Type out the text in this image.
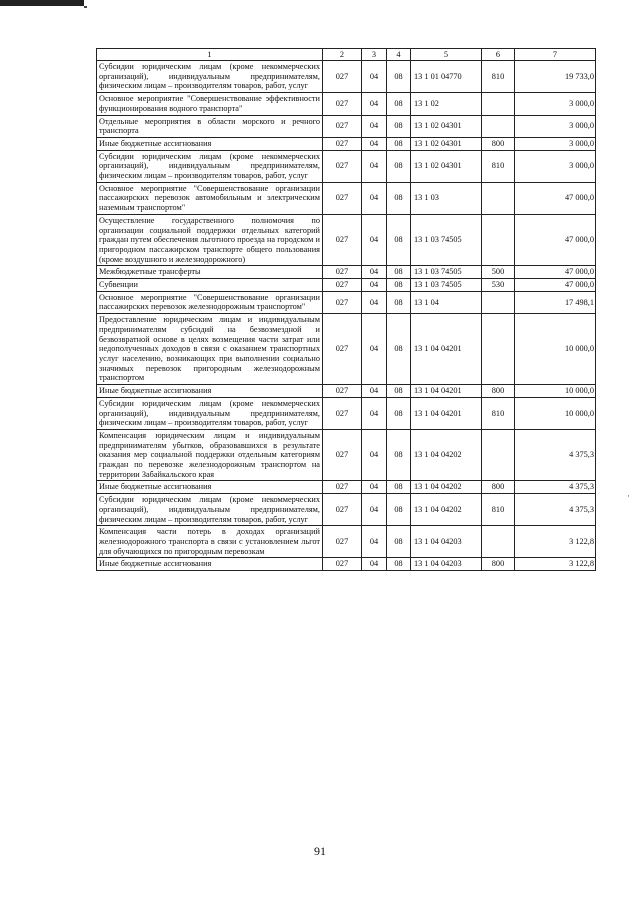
1	2	3	4	5	6	7
Субсидии юридическим лицам (кроме некоммерческих организаций), индивидуальным предпринимателям, физическим лицам – производителям товаров, работ, услуг	027	04	08	13 1 01 04770	810	19 733,0
Основное мероприятие "Совершенствование эффективности функционирования водного транспорта"	027	04	08	13 1 02		3 000,0
Отдельные мероприятия в области морского и речного транспорта	027	04	08	13 1 02 04301		3 000,0
Иные бюджетные ассигнования	027	04	08	13 1 02 04301	800	3 000,0
Субсидии юридическим лицам (кроме некоммерческих организаций), индивидуальным предпринимателям, физическим лицам – производителям товаров, работ, услуг	027	04	08	13 1 02 04301	810	3 000,0
Основное мероприятие "Совершенствование организации пассажирских перевозок автомобильным и электрическим наземным транспортом"	027	04	08	13 1 03		47 000,0
Осуществление государственного полномочия по организации социальной поддержки отдельных категорий граждан путем обеспечения льготного проезда на городском и пригородном пассажирском транспорте общего пользования (кроме воздушного и железнодорожного)	027	04	08	13 1 03 74505		47 000,0
Межбюджетные трансферты	027	04	08	13 1 03 74505	500	47 000,0
Субвенции	027	04	08	13 1 03 74505	530	47 000,0
Основное мероприятие "Совершенствование организации пассажирских перевозок железнодорожным транспортом"	027	04	08	13 1 04		17 498,1
Предоставление юридическим лицам и индивидуальным предпринимателям субсидий на безвозмездной и безвозвратной основе в целях возмещения части затрат или недополученных доходов в связи с оказанием транспортных услуг населению, возникающих при выполнении социально значимых перевозок пригородным железнодорожным транспортом	027	04	08	13 1 04 04201		10 000,0
Иные бюджетные ассигнования	027	04	08	13 1 04 04201	800	10 000,0
Субсидии юридическим лицам (кроме некоммерческих организаций), индивидуальным предпринимателям, физическим лицам – производителям товаров, работ, услуг	027	04	08	13 1 04 04201	810	10 000,0
Компенсация юридическим лицам и индивидуальным предпринимателям убытков, образовавшихся в результате оказания мер социальной поддержки отдельным категориям граждан по перевозке железнодорожным транспортом на территории Забайкальского края	027	04	08	13 1 04 04202		4 375,3
Иные бюджетные ассигнования	027	04	08	13 1 04 04202	800	4 375,3
Субсидии юридическим лицам (кроме некоммерческих организаций), индивидуальным предпринимателям, физическим лицам – производителям товаров, работ, услуг	027	04	08	13 1 04 04202	810	4 375,3
Компенсация части потерь в доходах организаций железнодорожного транспорта в связи с установлением льгот для обучающихся по пригородным перевозкам	027	04	08	13 1 04 04203		3 122,8
Иные бюджетные ассигнования	027	04	08	13 1 04 04203	800	3 122,8
91
·
